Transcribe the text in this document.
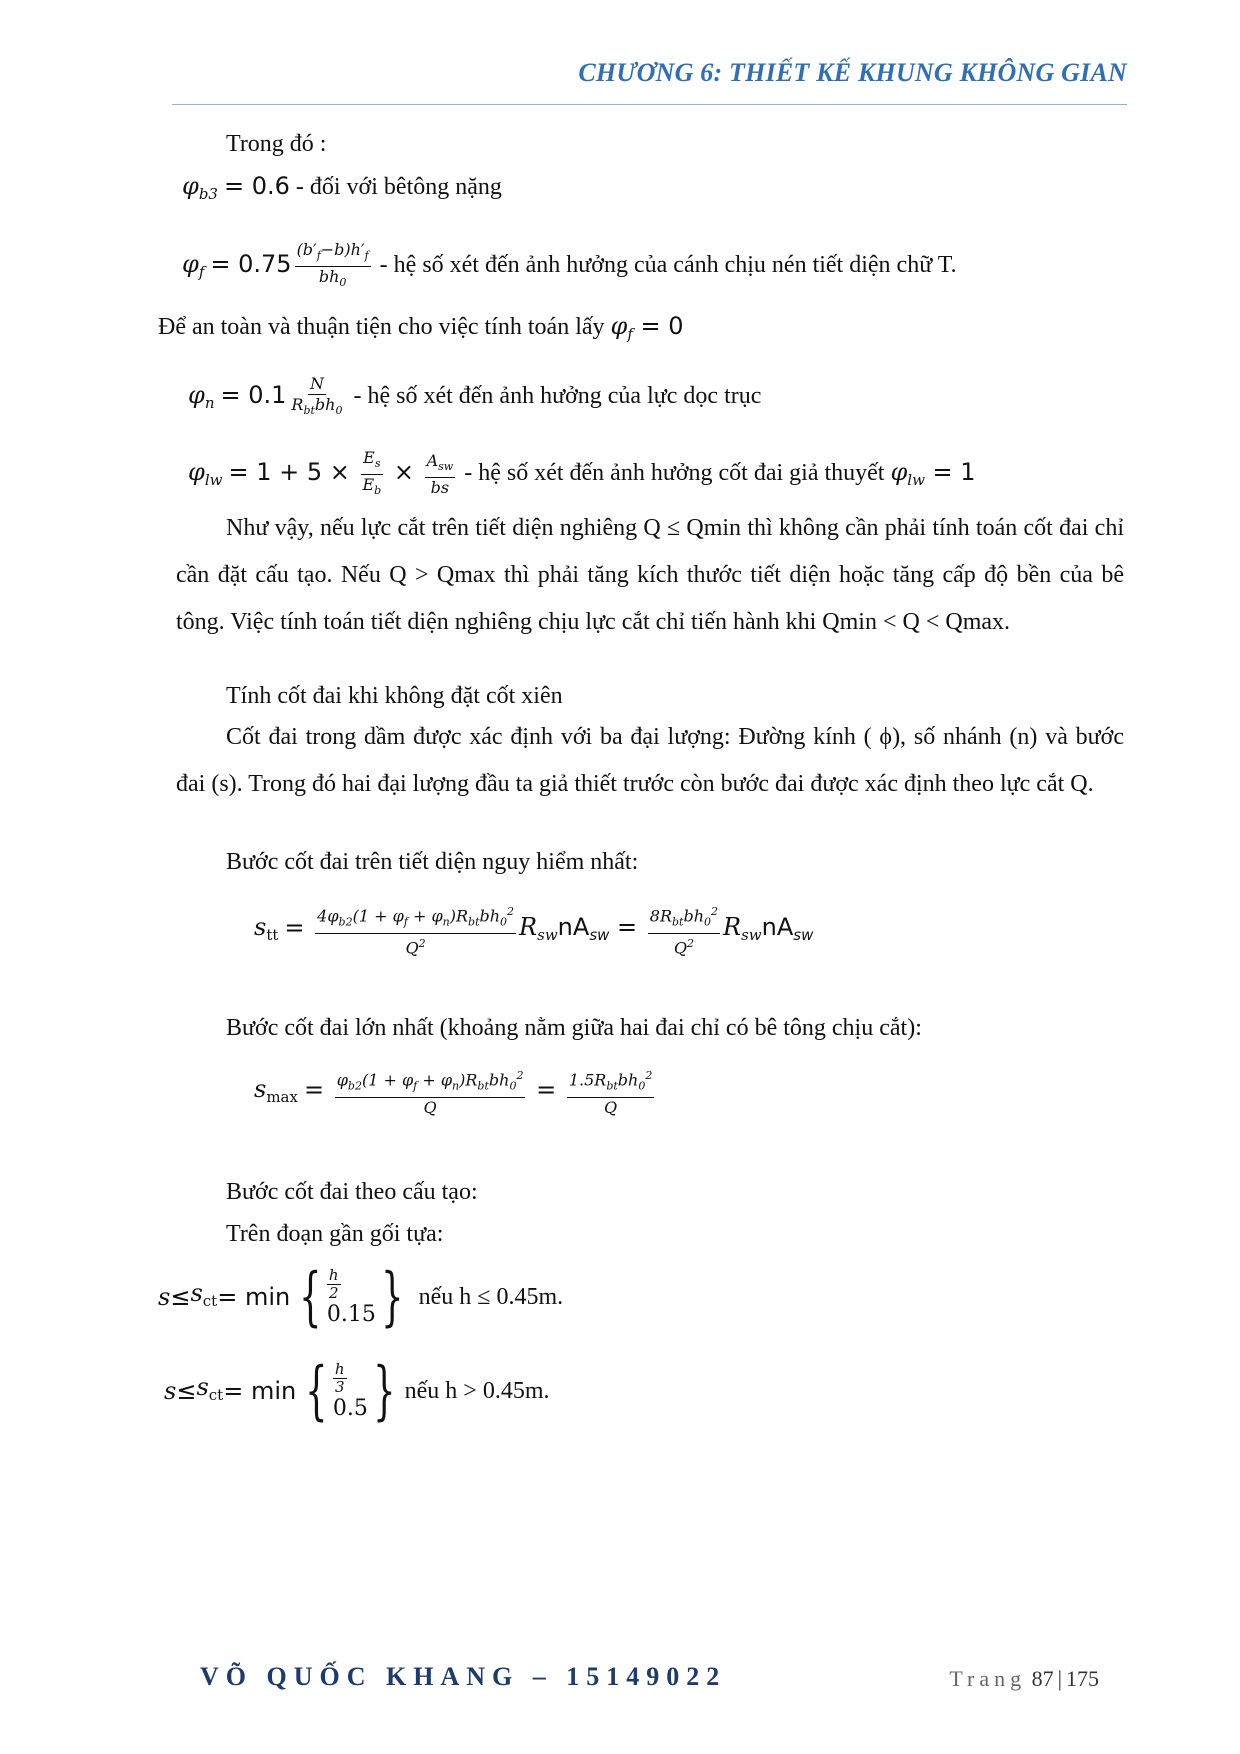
CHƯƠNG 6: THIẾT KẾ KHUNG KHÔNG GIAN
Trong đó :
$\varphi_{b3} = 0.6$ - đối với bêtông nặng
$\varphi_f = 0.75 \frac{(b'_f-b)h'_f}{bh_0}$ - hệ số xét đến ảnh hưởng của cánh chịu nén tiết diện chữ T.
Để an toàn và thuận tiện cho việc tính toán lấy $\varphi_f = 0$
$\varphi_n = 0.1 \frac{N}{R_{bt}bh_0}$ - hệ số xét đến ảnh hưởng của lực dọc trục
$\varphi_{lw} = 1 + 5 \times \frac{E_s}{E_b} \times \frac{A_{sw}}{bs}$ - hệ số xét đến ảnh hưởng cốt đai giả thuyết $\varphi_{lw} = 1$
Như vậy, nếu lực cắt trên tiết diện nghiêng Q ≤ Qmin thì không cần phải tính toán cốt đai chỉ cần đặt cấu tạo. Nếu Q > Qmax thì phải tăng kích thước tiết diện hoặc tăng cấp độ bền của bê tông. Việc tính toán tiết diện nghiêng chịu lực cắt chỉ tiến hành khi Qmin < Q < Qmax.
Tính cốt đai khi không đặt cốt xiên
Cốt đai trong dầm được xác định với ba đại lượng: Đường kính ( ϕ), số nhánh (n) và bước đai (s). Trong đó hai đại lượng đầu ta giả thiết trước còn bước đai được xác định theo lực cắt Q.
Bước cốt đai trên tiết diện nguy hiểm nhất:
$s_{tt} = \frac{4\varphi_{b2}(1 + \varphi_f + \varphi_n)R_{bt}bh_0^2}{Q^2} R_{sw}nA_{sw} = \frac{8R_{bt}bh_0^2}{Q^2} R_{sw}nA_{sw}$
Bước cốt đai lớn nhất (khoảng nằm giữa hai đai chỉ có bê tông chịu cắt):
$s_{max} = \frac{\varphi_{b2}(1 + \varphi_f + \varphi_n)R_{bt}bh_0^2}{Q} = \frac{1.5R_{bt}bh_0^2}{Q}$
Bước cốt đai theo cấu tạo:
Trên đoạn gần gối tựa:
$s \le s_{ct} = \min$ { h
2
0.15 } nếu h ≤ 0.45m.
$s \le s_{ct} = \min$ { h
3
0.5 } nếu h > 0.45m.
VÕ QUỐC KHANG – 15149022	Trang 87 | 175
